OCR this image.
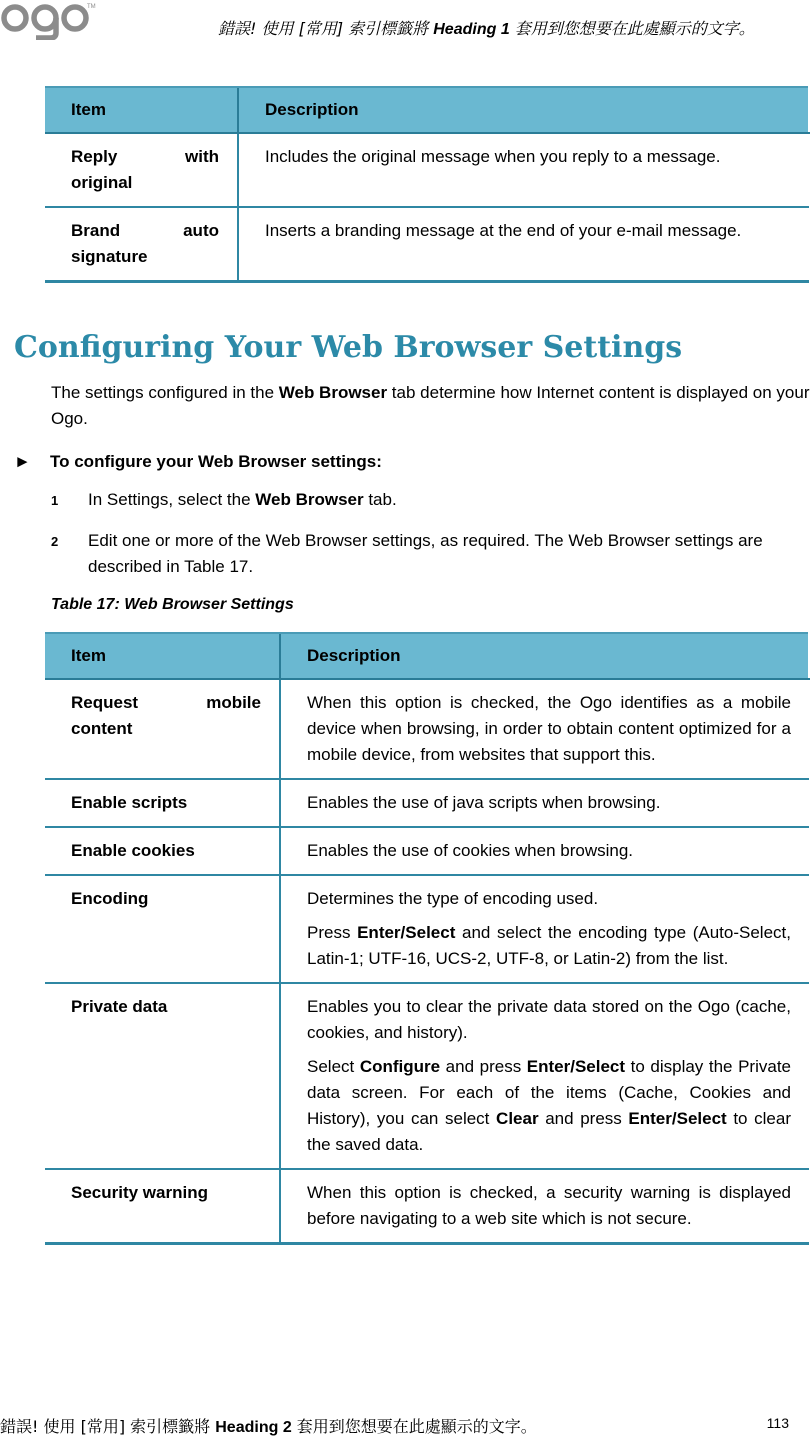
TM
錯誤! 使用 [常用] 索引標籤將 Heading 1 套用到您想要在此處顯示的文字。
Item	Description
Reply with original	Includes the original message when you reply to a message.
Brand auto signature	Inserts a branding message at the end of your e-mail message.
Configuring Your Web Browser Settings
The settings configured in the Web Browser tab determine how Internet content is displayed on your Ogo.
► To configure your Web Browser settings:
1 In Settings, select the Web Browser tab.
2 Edit one or more of the Web Browser settings, as required. The Web Browser settings are described in Table 17.
Table 17: Web Browser Settings
Item	Description
Request mobile content	When this option is checked, the Ogo identifies as a mobile device when browsing, in order to obtain content optimized for a mobile device, from websites that support this.
Enable scripts	Enables the use of java scripts when browsing.
Enable cookies	Enables the use of cookies when browsing.
Encoding	Determines the type of encoding used.
Press Enter/Select and select the encoding type (Auto-Select, Latin-1; UTF-16, UCS-2, UTF-8, or Latin-2) from the list.

Private data	Enables you to clear the private data stored on the Ogo (cache, cookies, and history).
Select Configure and press Enter/Select to display the Private data screen. For each of the items (Cache, Cookies and History), you can select Clear and press Enter/Select to clear the saved data.

Security warning	When this option is checked, a security warning is displayed before navigating to a web site which is not secure.
錯誤! 使用 [常用] 索引標籤將 Heading 2 套用到您想要在此處顯示的文字。	113
